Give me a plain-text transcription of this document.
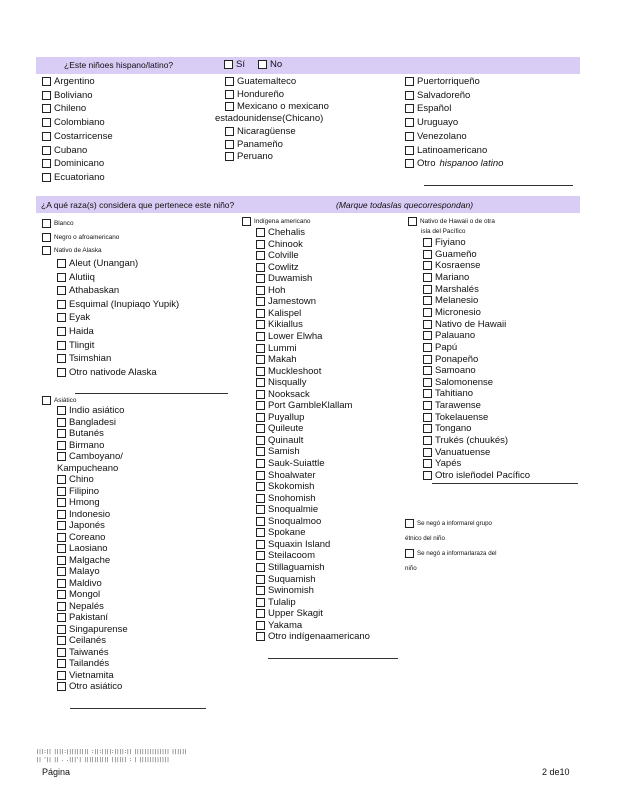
¿Este niñoes hispano/latino?	Sí	No
Argentino
Boliviano
Chileno
Colombiano
Costarricense
Cubano
Dominicano
Ecuatoriano
Guatemalteco
Hondureño
Mexicano o mexicano
estadounidense(Chicano)
Nicaragüense
Panameño
Peruano
Puertorriqueño
Salvadoreño
Español
Uruguayo
Venezolano
Latinoamericano
Otro hispanoo latino
¿A qué raza(s) considera que pertenece este niño?	(Marque todaslas quecorrespondan)
Blanco
Negro o afroamericano
Nativo de Alaska
Aleut (Unangan)
Alutiiq
Athabaskan
Esquimal (Inupiaqo Yupik)
Eyak
Haida
Tlingit
Tsimshian
Otro nativode Alaska
Asiático
Indio asiático
Bangladesi
Butanés
Birmano
Camboyano/
Kampucheano
Chino
Filipino
Hmong
Indonesio
Japonés
Coreano
Laosiano
Malgache
Malayo
Maldivo
Mongol
Nepalés
Pakistaní
Singapurense
Ceilanés
Taiwanés
Tailandés
Vietnamita
Otro asiático
Indígena americano
Chehalis
Chinook
Colville
Cowlitz
Duwamish
Hoh
Jamestown
Kalispel
Kikiallus
Lower Elwha
Lummi
Makah
Muckleshoot
Nisqually
Nooksack
Port GambleKlallam
Puyallup
Quileute
Quinault
Samish
Sauk-Suiattle
Shoalwater
Skokomish
Snohomish
Snoqualmie
Snoqualmoo
Spokane
Squaxin Island
Steilacoom
Stillaguamish
Suquamish
Swinomish
Tulalip
Upper Skagit
Yakama
Otro indígenaamericano
Nativo de Hawaii o de otra
isla del Pacífico
Fiyiano
Guameño
Kosraense
Mariano
Marshalés
Melanesio
Micronesio
Nativo de Hawaii
Palauano
Papú
Ponapeño
Samoano
Salomonense
Tahitiano
Tarawense
Tokelauense
Tongano
Trukés (chuukés)
Vanuatuense
Yapés
Otro isleñodel Pacífico
Se negó a informarel grupo
étnico del niño
Se negó a informarlaraza del
niño
|||:|| ||||:||||||||| :||:||||:||||:|| |||||||||||||| ||||||
|| '|| || . .|||'| |||||||||| |||||| : | ||||||||||||
Página	2 de10
